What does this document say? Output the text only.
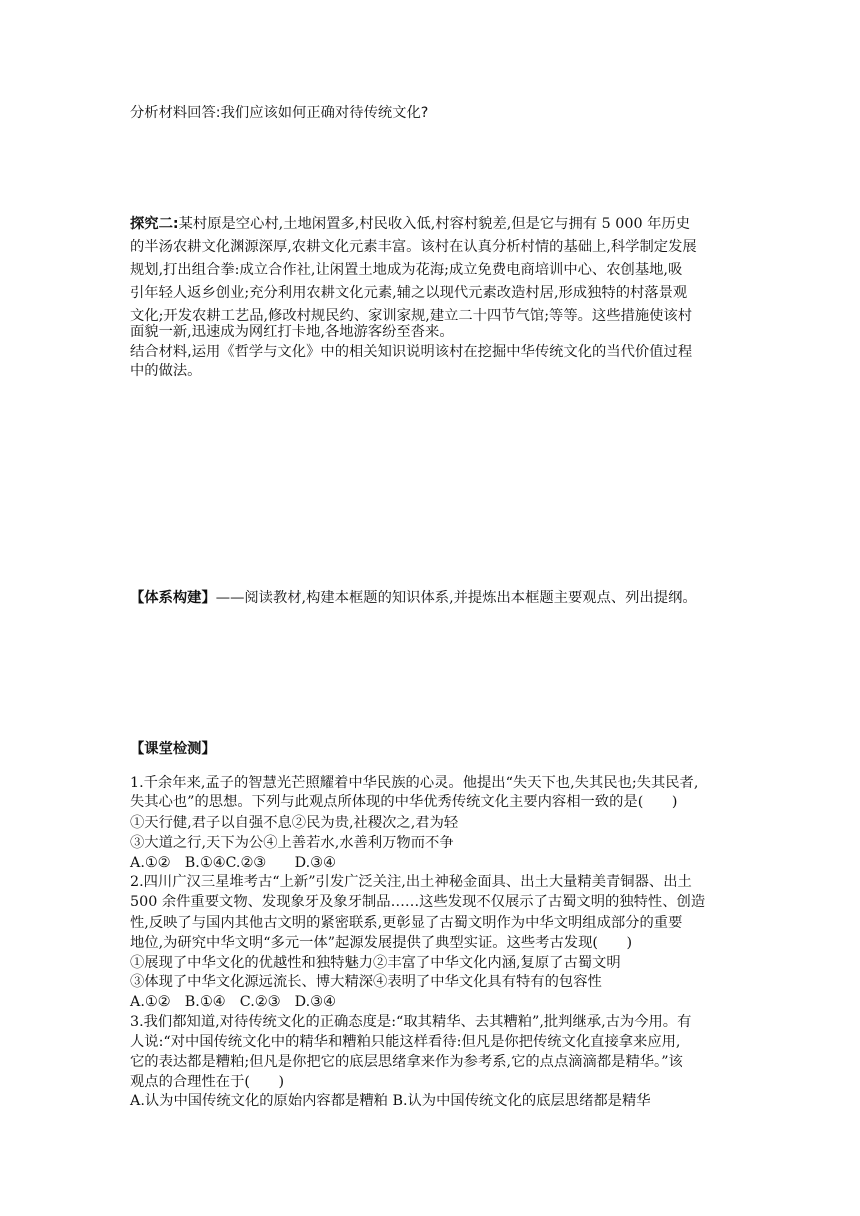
分析材料回答:我们应该如何正确对待传统文化?
探究二:某村原是空心村,土地闲置多,村民收入低,村容村貌差,但是它与拥有 5 000 年历史
的半汤农耕文化渊源深厚,农耕文化元素丰富。该村在认真分析村情的基础上,科学制定发展
规划,打出组合拳:成立合作社,让闲置土地成为花海;成立免费电商培训中心、农创基地,吸
引年轻人返乡创业;充分利用农耕文化元素,辅之以现代元素改造村居,形成独特的村落景观
文化;开发农耕工艺品,修改村规民约、家训家规,建立二十四节气馆;等等。这些措施使该村
面貌一新,迅速成为网红打卡地,各地游客纷至沓来。
结合材料,运用《哲学与文化》中的相关知识说明该村在挖掘中华传统文化的当代价值过程
中的做法。
【体系构建】——阅读教材,构建本框题的知识体系,并提炼出本框题主要观点、列出提纲。
【课堂检测】
1.千余年来,孟子的智慧光芒照耀着中华民族的心灵。他提出“失天下也,失其民也;失其民者,
失其心也”的思想。下列与此观点所体现的中华优秀传统文化主要内容相一致的是(　　)
①天行健,君子以自强不息②民为贵,社稷次之,君为轻
③大道之行,天下为公④上善若水,水善利万物而不争
A.①②　B.①④C.②③　　D.③④
2.四川广汉三星堆考古“上新”引发广泛关注,出土神秘金面具、出土大量精美青铜器、出土
500 余件重要文物、发现象牙及象牙制品……这些发现不仅展示了古蜀文明的独特性、创造
性,反映了与国内其他古文明的紧密联系,更彰显了古蜀文明作为中华文明组成部分的重要
地位,为研究中华文明“多元一体”起源发展提供了典型实证。这些考古发现(　　)
①展现了中华文化的优越性和独特魅力②丰富了中华文化内涵,复原了古蜀文明
③体现了中华文化源远流长、博大精深④表明了中华文化具有特有的包容性
A.①②　B.①④　C.②③　D.③④
3.我们都知道,对待传统文化的正确态度是:“取其精华、去其糟粕”,批判继承,古为今用。有
人说:“对中国传统文化中的精华和糟粕只能这样看待:但凡是你把传统文化直接拿来应用,
它的表达都是糟粕;但凡是你把它的底层思绪拿来作为参考系,它的点点滴滴都是精华。”该
观点的合理性在于(　　)
A.认为中国传统文化的原始内容都是糟粕 B.认为中国传统文化的底层思绪都是精华
